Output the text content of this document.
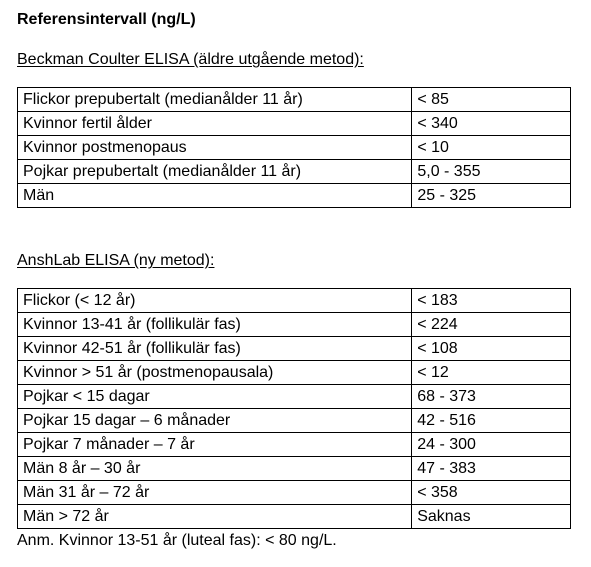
Referensintervall (ng/L)
Beckman Coulter ELISA (äldre utgående metod):
Flickor prepubertalt (medianålder 11 år)	< 85
Kvinnor fertil ålder	< 340
Kvinnor postmenopaus	< 10
Pojkar prepubertalt (medianålder 11 år)	5,0 - 355
Män	25 - 325
AnshLab ELISA (ny metod):
Flickor (< 12 år)	< 183
Kvinnor 13-41 år (follikulär fas)	< 224
Kvinnor 42-51 år (follikulär fas)	< 108
Kvinnor > 51 år (postmenopausala)	< 12
Pojkar < 15 dagar	68 - 373
Pojkar 15 dagar – 6 månader	42 - 516
Pojkar 7 månader – 7 år	24 - 300
Män 8 år – 30 år	47 - 383
Män 31 år – 72 år	< 358
Män > 72 år	Saknas
Anm. Kvinnor 13-51 år (luteal fas): < 80 ng/L.
